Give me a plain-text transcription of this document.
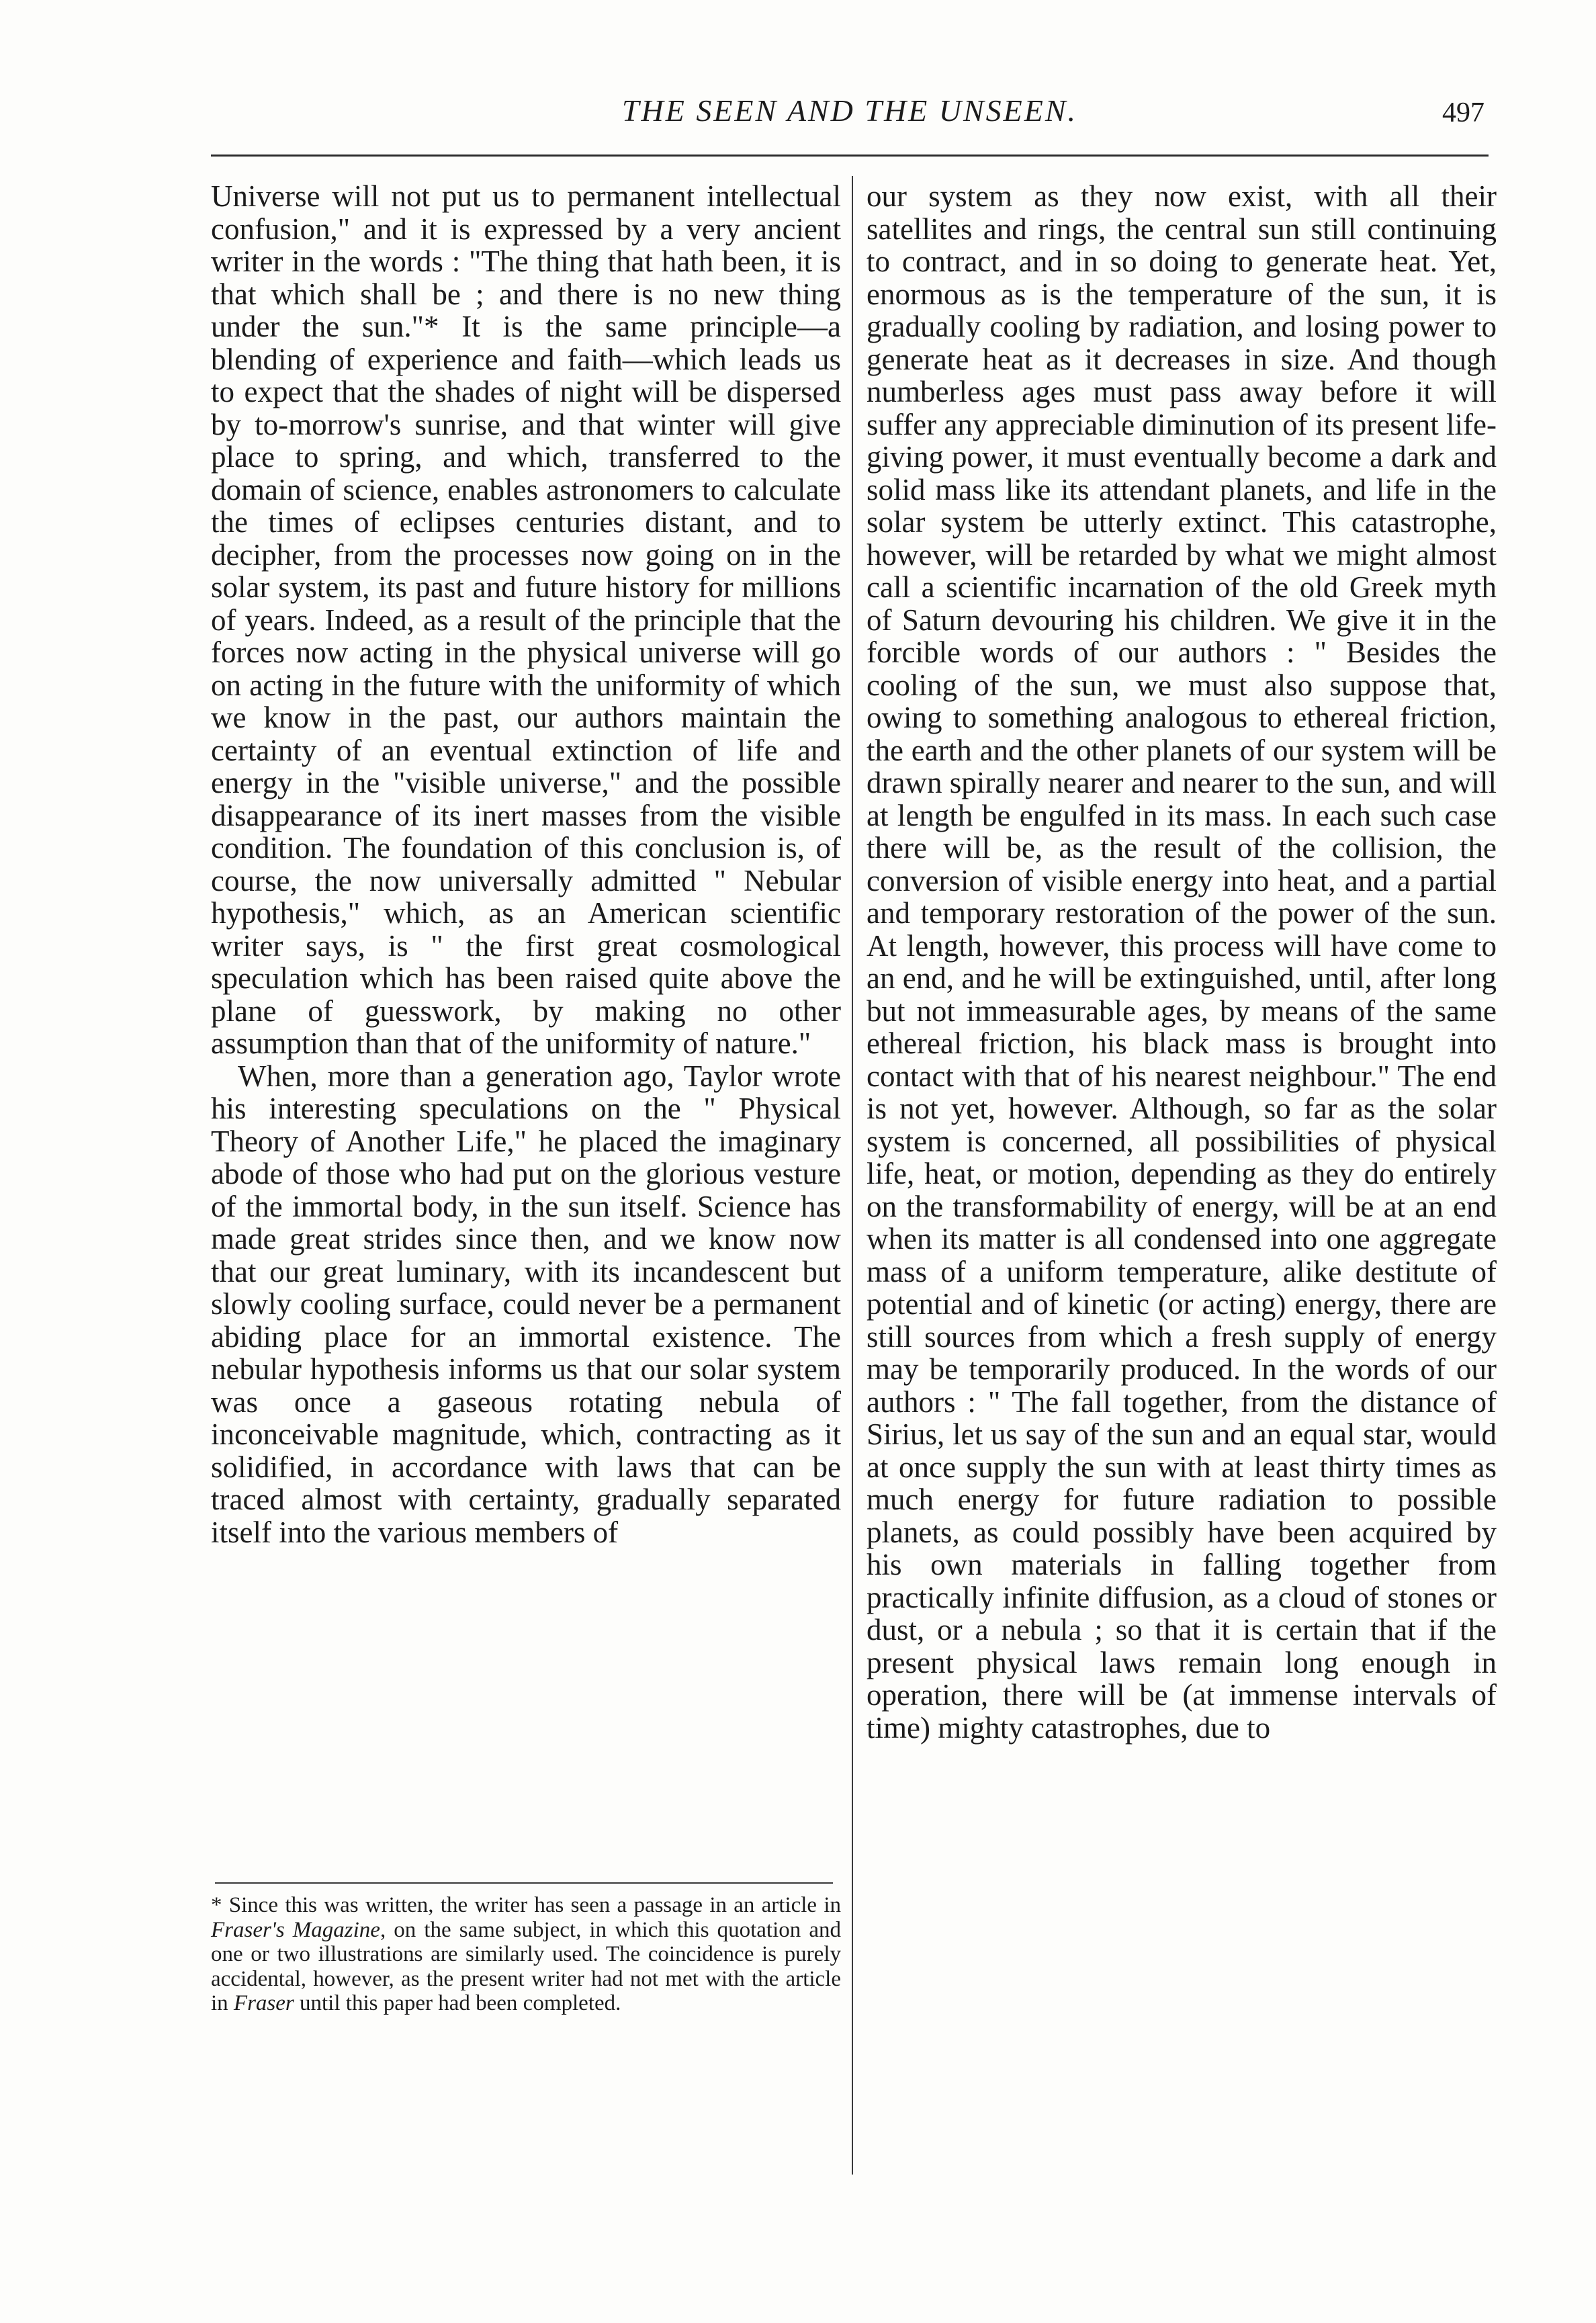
THE SEEN AND THE UNSEEN.	497

Universe will not put us to permanent intellectual confusion," and it is expressed by a very ancient writer in the words : "The thing that hath been, it is that which shall be ; and there is no new thing under the sun."* It is the same principle—a blending of experience and faith—which leads us to expect that the shades of night will be dispersed by to-morrow's sunrise, and that winter will give place to spring, and which, transferred to the domain of science, enables astronomers to calculate the times of eclipses centuries distant, and to decipher, from the processes now going on in the solar system, its past and future history for millions of years. Indeed, as a result of the principle that the forces now acting in the physical universe will go on acting in the future with the uniformity of which we know in the past, our authors maintain the certainty of an eventual extinction of life and energy in the "visible universe," and the possible disappearance of its inert masses from the visible condition. The foundation of this conclusion is, of course, the now universally admitted " Nebular hypothesis," which, as an American scientific writer says, is " the first great cosmological speculation which has been raised quite above the plane of guesswork, by making no other assumption than that of the uniformity of nature."

When, more than a generation ago, Taylor wrote his interesting speculations on the " Physical Theory of Another Life," he placed the imaginary abode of those who had put on the glorious vesture of the immortal body, in the sun itself. Science has made great strides since then, and we know now that our great luminary, with its incandescent but slowly cooling surface, could never be a permanent abiding place for an immortal existence. The nebular hypothesis informs us that our solar system was once a gaseous rotating nebula of inconceivable magnitude, which, contracting as it solidified, in accordance with laws that can be traced almost with certainty, gradually separated itself into the various members of

our system as they now exist, with all their satellites and rings, the central sun still continuing to contract, and in so doing to generate heat. Yet, enormous as is the temperature of the sun, it is gradually cooling by radiation, and losing power to generate heat as it decreases in size. And though numberless ages must pass away before it will suffer any appreciable diminution of its present life-giving power, it must eventually become a dark and solid mass like its attendant planets, and life in the solar system be utterly extinct. This catastrophe, however, will be retarded by what we might almost call a scientific incarnation of the old Greek myth of Saturn devouring his children. We give it in the forcible words of our authors : " Besides the cooling of the sun, we must also suppose that, owing to something analogous to ethereal friction, the earth and the other planets of our system will be drawn spirally nearer and nearer to the sun, and will at length be engulfed in its mass. In each such case there will be, as the result of the collision, the conversion of visible energy into heat, and a partial and temporary restoration of the power of the sun. At length, however, this process will have come to an end, and he will be extinguished, until, after long but not immeasurable ages, by means of the same ethereal friction, his black mass is brought into contact with that of his nearest neighbour." The end is not yet, however. Although, so far as the solar system is concerned, all possibilities of physical life, heat, or motion, depending as they do entirely on the transformability of energy, will be at an end when its matter is all condensed into one aggregate mass of a uniform temperature, alike destitute of potential and of kinetic (or acting) energy, there are still sources from which a fresh supply of energy may be temporarily produced. In the words of our authors : " The fall together, from the distance of Sirius, let us say of the sun and an equal star, would at once supply the sun with at least thirty times as much energy for future radiation to possible planets, as could possibly have been acquired by his own materials in falling together from practically infinite diffusion, as a cloud of stones or dust, or a nebula ; so that it is certain that if the present physical laws remain long enough in operation, there will be (at immense intervals of time) mighty catastrophes, due to

* Since this was written, the writer has seen a passage in an article in Fraser's Magazine, on the same subject, in which this quotation and one or two illustrations are similarly used. The coincidence is purely accidental, however, as the present writer had not met with the article in Fraser until this paper had been completed.
